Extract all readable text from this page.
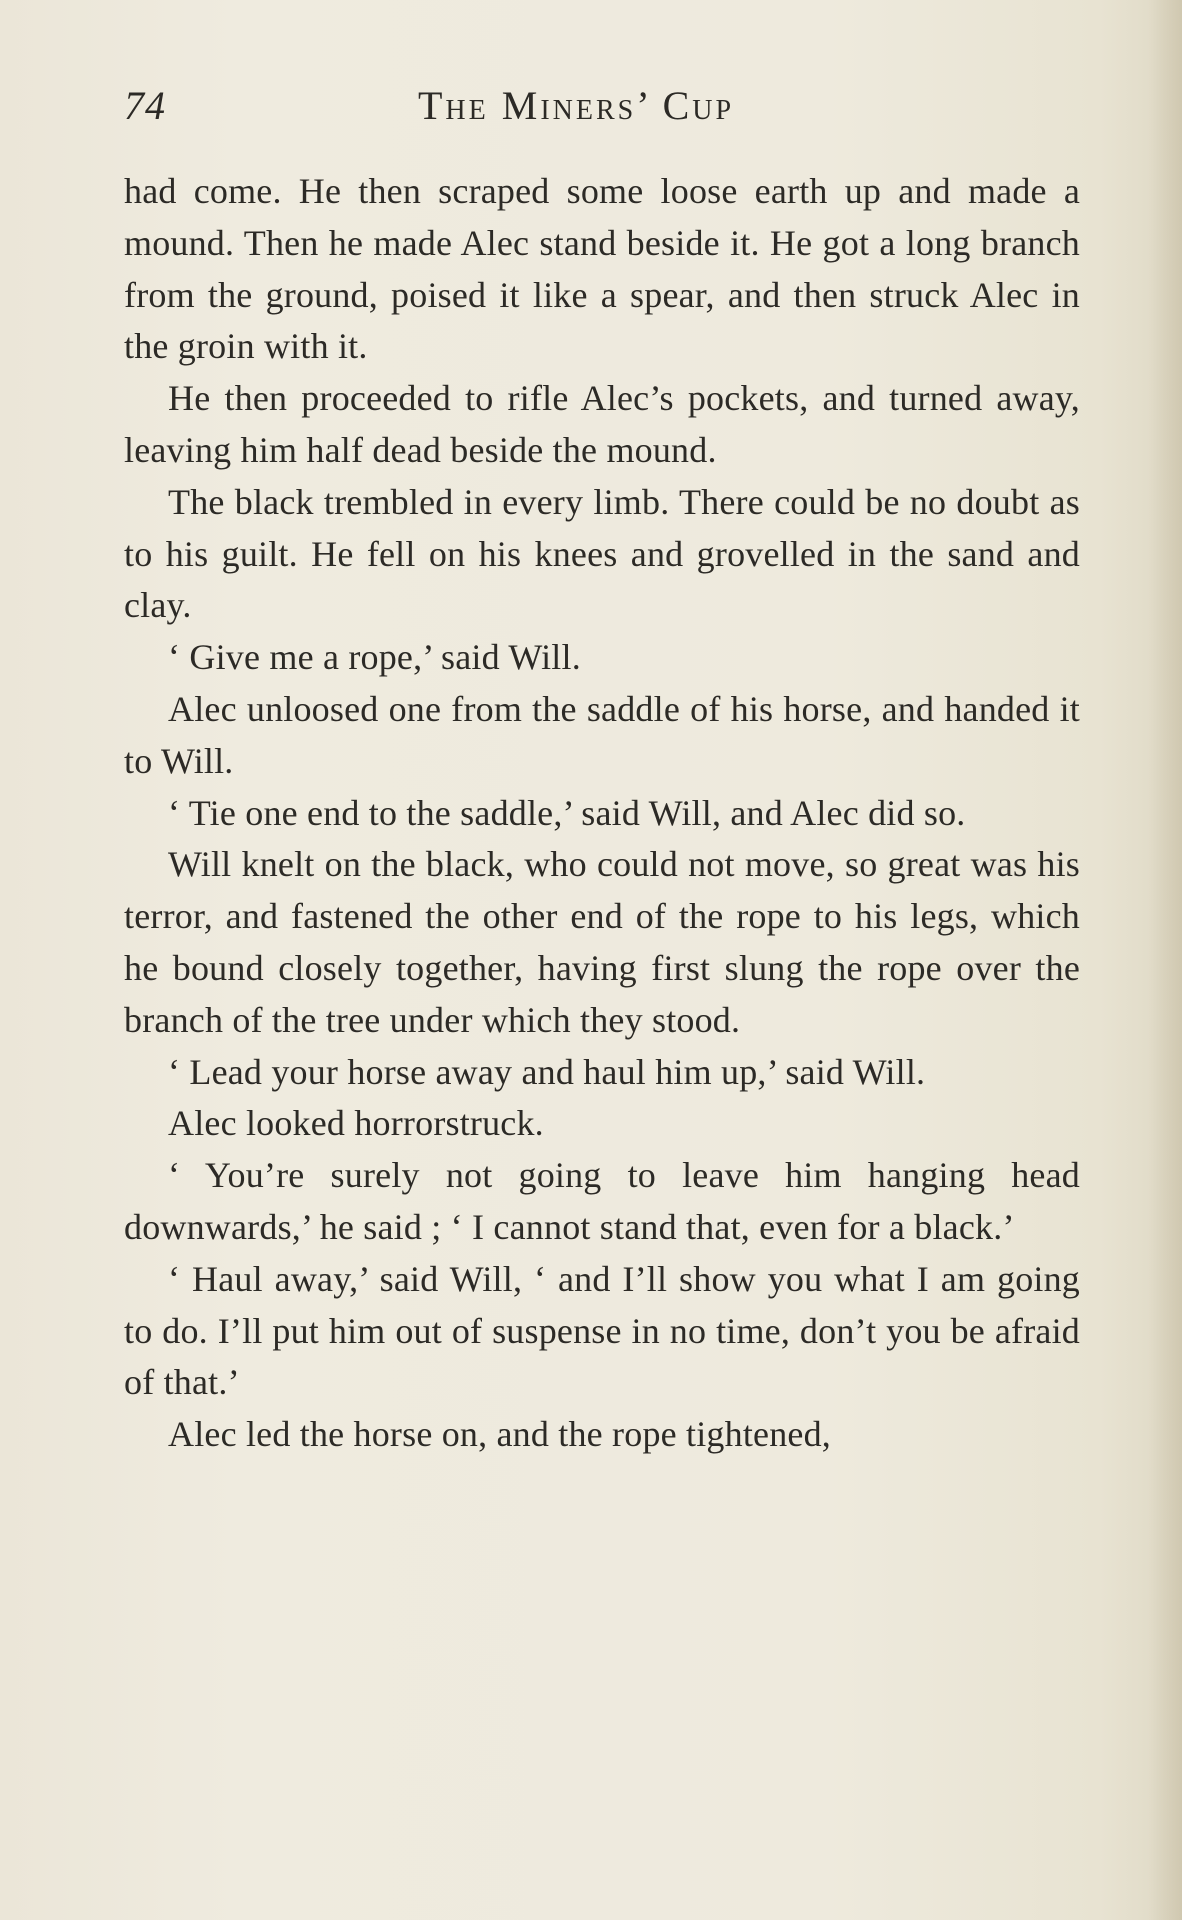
74	The Miners’ Cup

had come. He then scraped some loose earth up and made a mound. Then he made Alec stand beside it. He got a long branch from the ground, poised it like a spear, and then struck Alec in the groin with it.

He then proceeded to rifle Alec’s pockets, and turned away, leaving him half dead beside the mound.

The black trembled in every limb. There could be no doubt as to his guilt. He fell on his knees and grovelled in the sand and clay.

‘ Give me a rope,’ said Will.

Alec unloosed one from the saddle of his horse, and handed it to Will.

‘ Tie one end to the saddle,’ said Will, and Alec did so.

Will knelt on the black, who could not move, so great was his terror, and fastened the other end of the rope to his legs, which he bound closely together, having first slung the rope over the branch of the tree under which they stood.

‘ Lead your horse away and haul him up,’ said Will.

Alec looked horrorstruck.

‘ You’re surely not going to leave him hanging head downwards,’ he said ; ‘ I cannot stand that, even for a black.’

‘ Haul away,’ said Will, ‘ and I’ll show you what I am going to do. I’ll put him out of suspense in no time, don’t you be afraid of that.’

Alec led the horse on, and the rope tightened,
